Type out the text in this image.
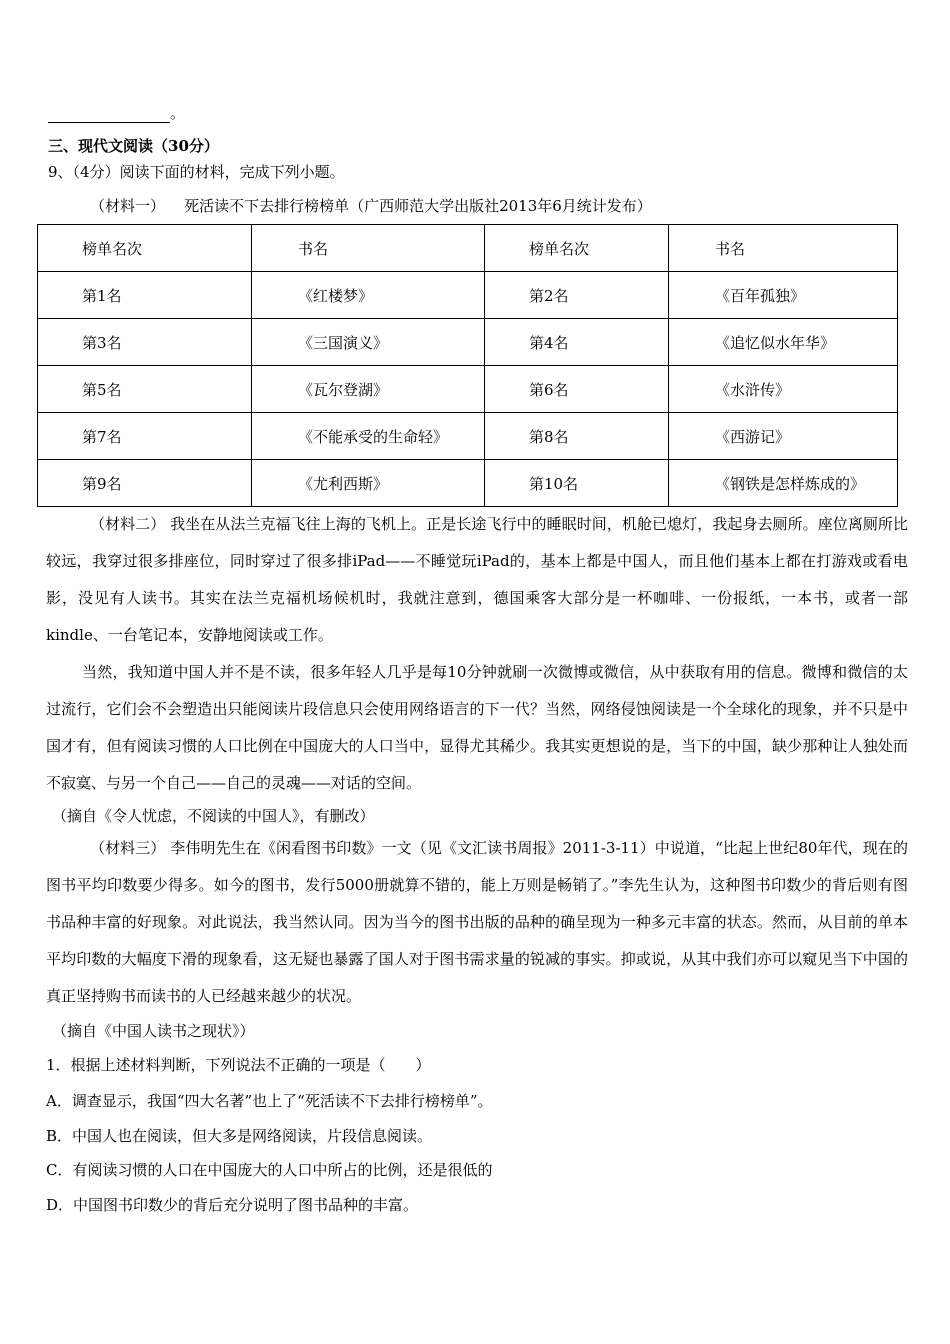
。
三、现代文阅读（30分）
9、（4分）阅读下面的材料，完成下列小题。
（材料一）    死活读不下去排行榜榜单（广西师范大学出版社2013年6月统计发布）
榜单名次	书名	榜单名次	书名

第1名	《红楼梦》	第2名	《百年孤独》

第3名	《三国演义》	第4名	《追忆似水年华》

第5名	《瓦尔登湖》	第6名	《水浒传》

第7名	《不能承受的生命轻》	第8名	《西游记》

第9名	《尤利西斯》	第10名	《钢铁是怎样炼成的》
（材料二） 我坐在从法兰克福飞往上海的飞机上。正是长途飞行中的睡眠时间，机舱已熄灯，我起身去厕所。座位离厕所比较远，我穿过很多排座位，同时穿过了很多排iPad——不睡觉玩iPad的，基本上都是中国人，而且他们基本上都在打游戏或看电影，没见有人读书。其实在法兰克福机场候机时，我就注意到，德国乘客大部分是一杯咖啡、一份报纸，一本书，或者一部kindle、一台笔记本，安静地阅读或工作。
当然，我知道中国人并不是不读，很多年轻人几乎是每10分钟就刷一次微博或微信，从中获取有用的信息。微博和微信的太过流行，它们会不会塑造出只能阅读片段信息只会使用网络语言的下一代？当然，网络侵蚀阅读是一个全球化的现象，并不只是中国才有，但有阅读习惯的人口比例在中国庞大的人口当中，显得尤其稀少。我其实更想说的是，当下的中国，缺少那种让人独处而不寂寞、与另一个自己——自己的灵魂——对话的空间。
（摘自《令人忧虑，不阅读的中国人》，有删改）
（材料三） 李伟明先生在《闲看图书印数》一文（见《文汇读书周报》2011-3-11）中说道，“比起上世纪80年代，现在的图书平均印数要少得多。如今的图书，发行5000册就算不错的，能上万则是畅销了。”李先生认为，这种图书印数少的背后则有图书品种丰富的好现象。对此说法，我当然认同。因为当今的图书出版的品种的确呈现为一种多元丰富的状态。然而，从目前的单本平均印数的大幅度下滑的现象看，这无疑也暴露了国人对于图书需求量的锐减的事实。抑或说，从其中我们亦可以窥见当下中国的真正坚持购书而读书的人已经越来越少的状况。
（摘自《中国人读书之现状》）
1．根据上述材料判断，下列说法不正确的一项是（　　）
A．调查显示，我国“四大名著”也上了“死活读不下去排行榜榜单”。
B．中国人也在阅读，但大多是网络阅读，片段信息阅读。
C．有阅读习惯的人口在中国庞大的人口中所占的比例，还是很低的
D．中国图书印数少的背后充分说明了图书品种的丰富。
